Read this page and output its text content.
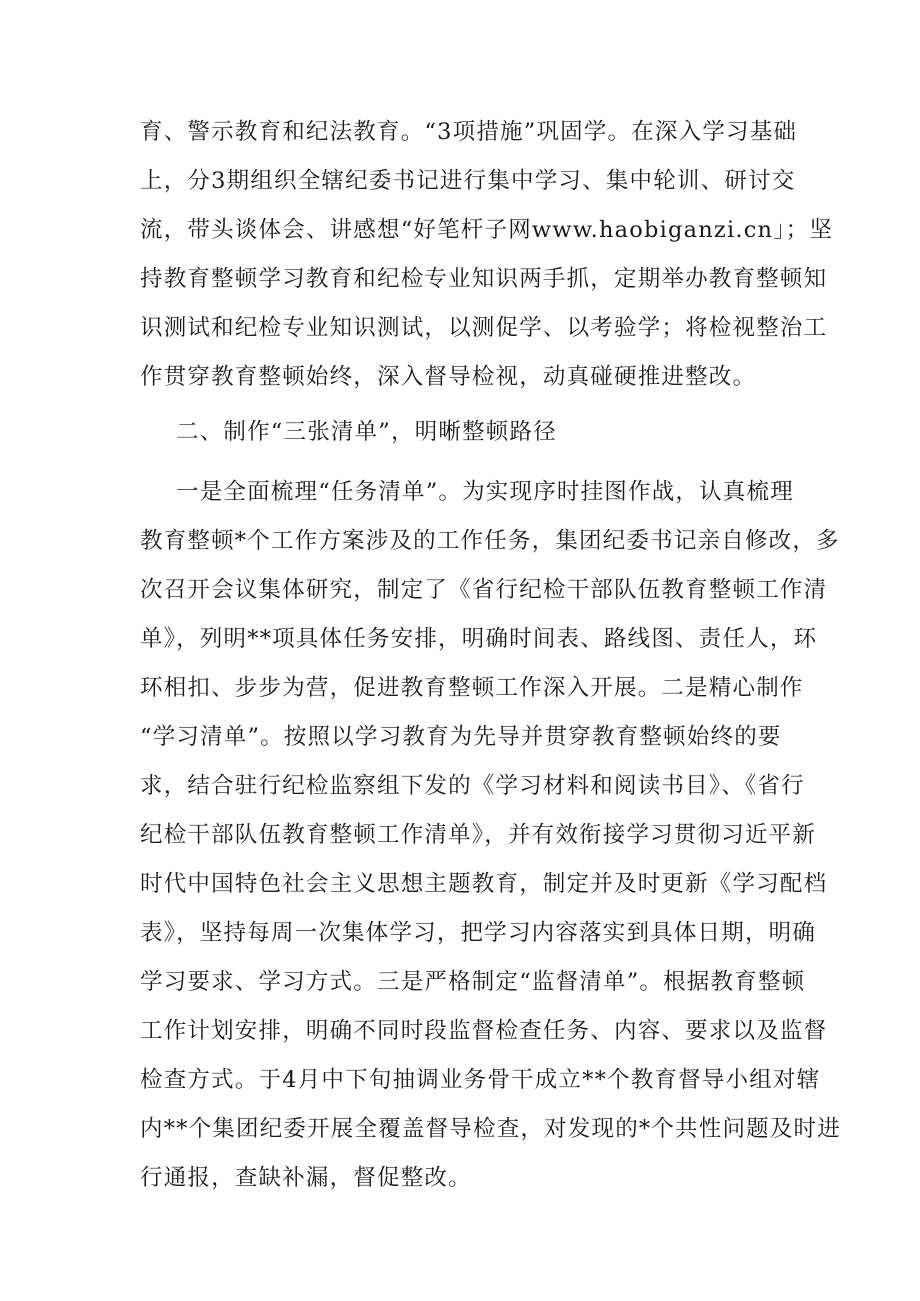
育、警示教育和纪法教育。“3项措施”巩固学。在深入学习基础
上，分3期组织全辖纪委书记进行集中学习、集中轮训、研讨交
流，带头谈体会、讲感想“好笔杆子网www.haobiganzi.cn」；坚
持教育整顿学习教育和纪检专业知识两手抓，定期举办教育整顿知
识测试和纪检专业知识测试，以测促学、以考验学；将检视整治工
作贯穿教育整顿始终，深入督导检视，动真碰硬推进整改。
二、制作“三张清单”，明晰整顿路径
一是全面梳理“任务清单”。为实现序时挂图作战，认真梳理
教育整顿*个工作方案涉及的工作任务，集团纪委书记亲自修改，多
次召开会议集体研究，制定了《省行纪检干部队伍教育整顿工作清
单》，列明**项具体任务安排，明确时间表、路线图、责任人，环
环相扣、步步为营，促进教育整顿工作深入开展。二是精心制作
“学习清单”。按照以学习教育为先导并贯穿教育整顿始终的要
求，结合驻行纪检监察组下发的《学习材料和阅读书目》、《省行
纪检干部队伍教育整顿工作清单》，并有效衔接学习贯彻习近平新
时代中国特色社会主义思想主题教育，制定并及时更新《学习配档
表》，坚持每周一次集体学习，把学习内容落实到具体日期，明确
学习要求、学习方式。三是严格制定“监督清单”。根据教育整顿
工作计划安排，明确不同时段监督检查任务、内容、要求以及监督
检查方式。于4月中下旬抽调业务骨干成立**个教育督导小组对辖
内**个集团纪委开展全覆盖督导检查，对发现的*个共性问题及时进
行通报，查缺补漏，督促整改。
